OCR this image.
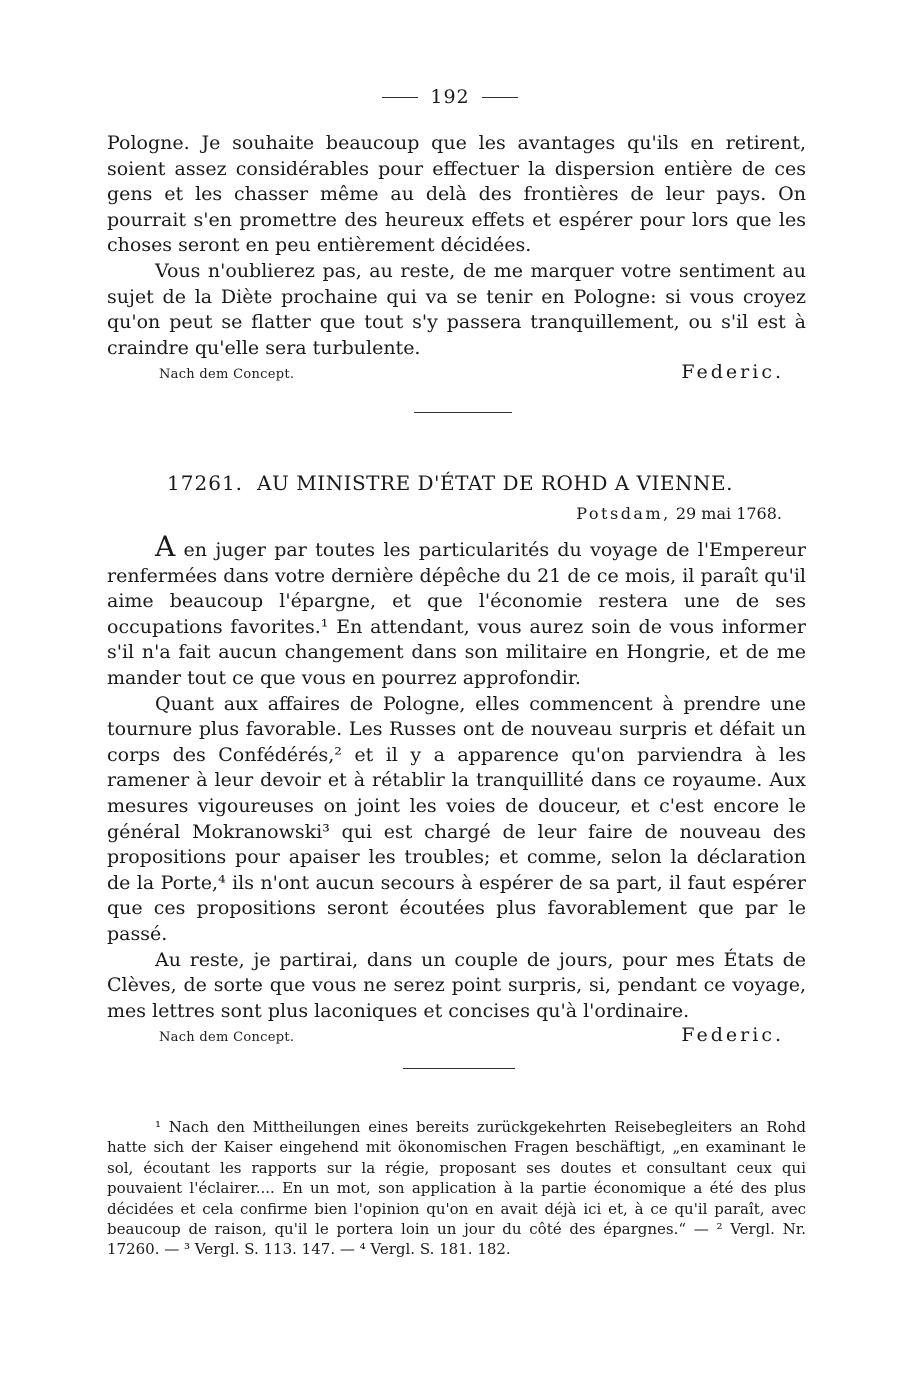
192

Pologne. Je souhaite beaucoup que les avantages qu'ils en retirent, soient assez considérables pour effectuer la dispersion entière de ces gens et les chasser même au delà des frontières de leur pays. On pourrait s'en promettre des heureux effets et espérer pour lors que les choses seront en peu entièrement décidées.

Vous n'oublierez pas, au reste, de me marquer votre sentiment au sujet de la Diète prochaine qui va se tenir en Pologne: si vous croyez qu'on peut se flatter que tout s'y passera tranquillement, ou s'il est à craindre qu'elle sera turbulente.

Nach dem Concept.	Federic.
17261. AU MINISTRE D'ÉTAT DE ROHD A VIENNE.
Potsdam, 29 mai 1768.

A en juger par toutes les particularités du voyage de l'Empereur renfermées dans votre dernière dépêche du 21 de ce mois, il paraît qu'il aime beaucoup l'épargne, et que l'économie restera une de ses occupations favorites.¹ En attendant, vous aurez soin de vous informer s'il n'a fait aucun changement dans son militaire en Hongrie, et de me mander tout ce que vous en pourrez approfondir.

Quant aux affaires de Pologne, elles commencent à prendre une tournure plus favorable. Les Russes ont de nouveau surpris et défait un corps des Confédérés,² et il y a apparence qu'on parviendra à les ramener à leur devoir et à rétablir la tranquillité dans ce royaume. Aux mesures vigoureuses on joint les voies de douceur, et c'est encore le général Mokranowski³ qui est chargé de leur faire de nouveau des propositions pour apaiser les troubles; et comme, selon la déclaration de la Porte,⁴ ils n'ont aucun secours à espérer de sa part, il faut espérer que ces propositions seront écoutées plus favorablement que par le passé.

Au reste, je partirai, dans un couple de jours, pour mes États de Clèves, de sorte que vous ne serez point surpris, si, pendant ce voyage, mes lettres sont plus laconiques et concises qu'à l'ordinaire.

Nach dem Concept.	Federic.

¹ Nach den Mittheilungen eines bereits zurückgekehrten Reisebegleiters an Rohd hatte sich der Kaiser eingehend mit ökonomischen Fragen beschäftigt, „en examinant le sol, écoutant les rapports sur la régie, proposant ses doutes et consultant ceux qui pouvaient l'éclairer.... En un mot, son application à la partie économique a été des plus décidées et cela confirme bien l'opinion qu'on en avait déjà ici et, à ce qu'il paraît, avec beaucoup de raison, qu'il le portera loin un jour du côté des épargnes.“ — ² Vergl. Nr. 17260. — ³ Vergl. S. 113. 147. — ⁴ Vergl. S. 181. 182.
